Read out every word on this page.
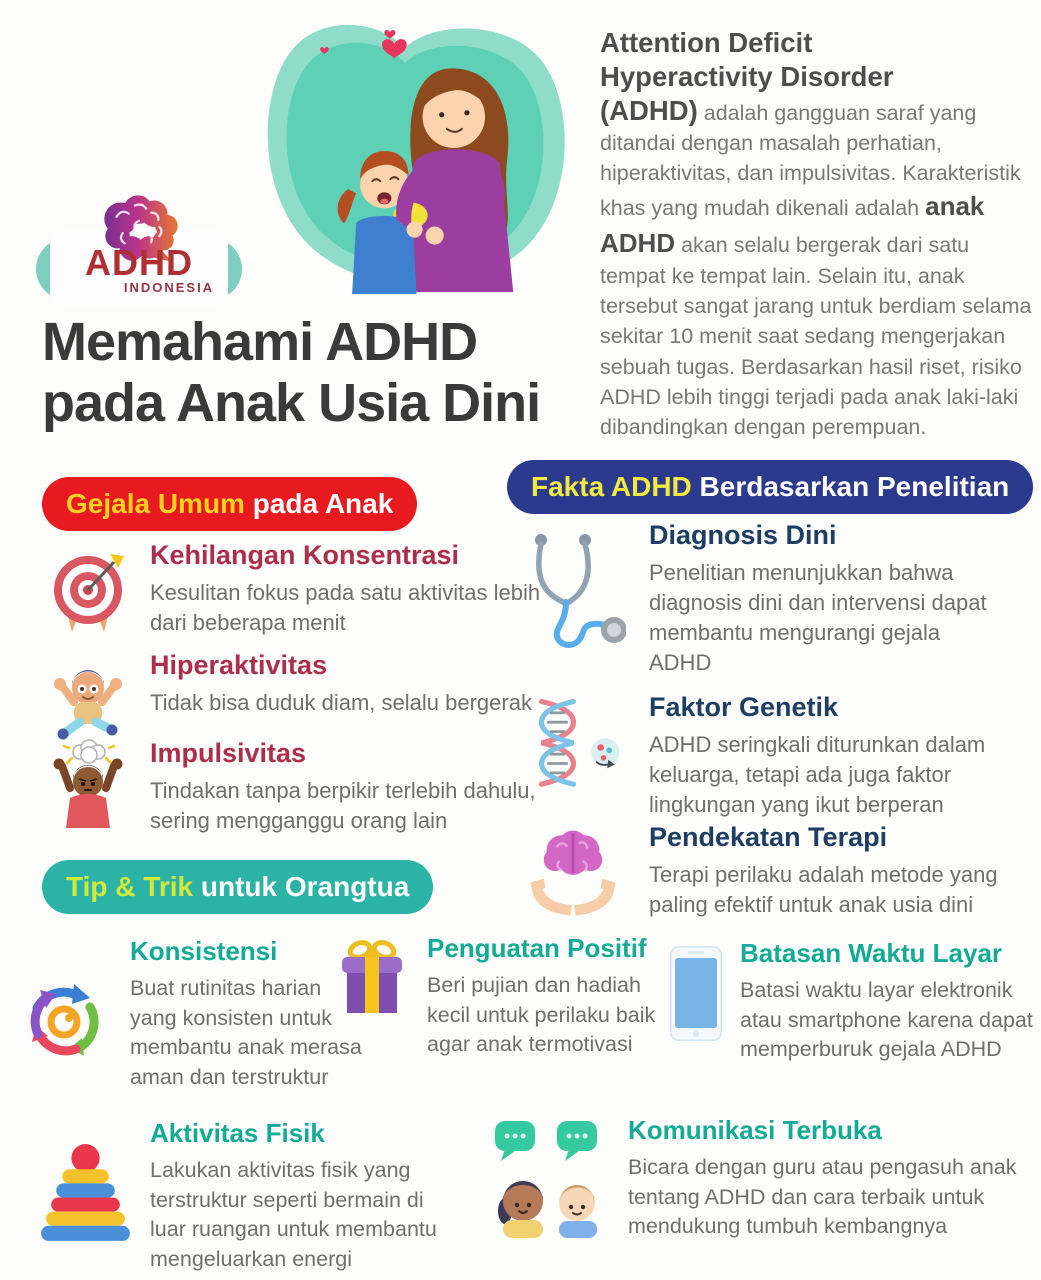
ADHD
INDONESIA
Attention Deficit
Hyperactivity Disorder
(ADHD) adalah gangguan saraf yang ditandai dengan masalah perhatian, hiperaktivitas, dan impulsivitas. Karakteristik khas yang mudah dikenali adalah anak ADHD akan selalu bergerak dari satu tempat ke tempat lain. Selain itu, anak tersebut sangat jarang untuk berdiam selama sekitar 10 menit saat sedang mengerjakan sebuah tugas. Berdasarkan hasil riset, risiko ADHD lebih tinggi terjadi pada anak laki-laki dibandingkan dengan perempuan.
Memahami ADHD
pada Anak Usia Dini
Gejala Umum pada Anak
Kehilangan Konsentrasi

Kesulitan fokus pada satu aktivitas lebih dari beberapa menit

Hiperaktivitas

Tidak bisa duduk diam, selalu bergerak

Impulsivitas

Tindakan tanpa berpikir terlebih dahulu, sering mengganggu orang lain

Fakta ADHD Berdasarkan Penelitian
Diagnosis Dini

Penelitian menunjukkan bahwa diagnosis dini dan intervensi dapat membantu mengurangi gejala ADHD

Faktor Genetik

ADHD seringkali diturunkan dalam keluarga, tetapi ada juga faktor lingkungan yang ikut berperan

Pendekatan Terapi

Terapi perilaku adalah metode yang paling efektif untuk anak usia dini

Tip & Trik untuk Orangtua
Konsistensi

Buat rutinitas harian yang konsisten untuk membantu anak merasa aman dan terstruktur

Penguatan Positif

Beri pujian dan hadiah kecil untuk perilaku baik agar anak termotivasi

Batasan Waktu Layar

Batasi waktu layar elektronik atau smartphone karena dapat memperburuk gejala ADHD

Aktivitas Fisik

Lakukan aktivitas fisik yang terstruktur seperti bermain di luar ruangan untuk membantu mengeluarkan energi

Komunikasi Terbuka

Bicara dengan guru atau pengasuh anak tentang ADHD dan cara terbaik untuk mendukung tumbuh kembangnya
